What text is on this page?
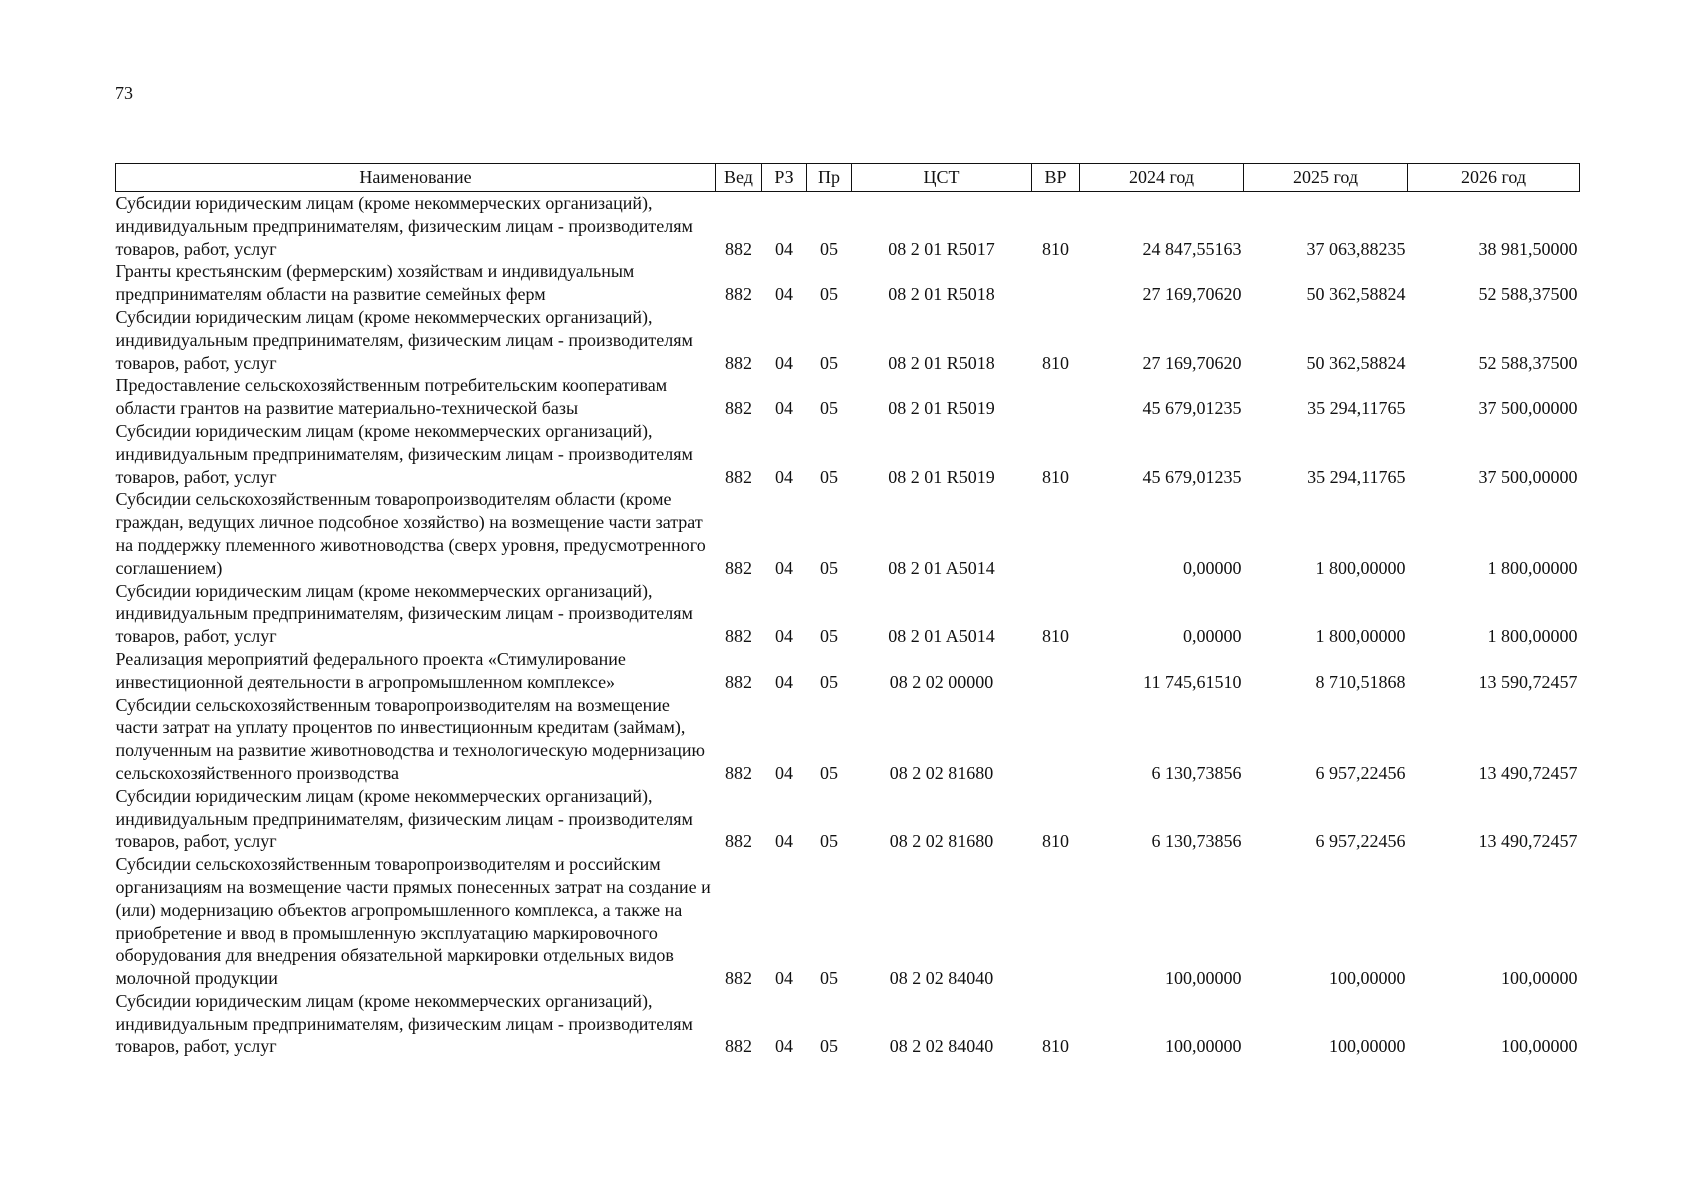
73
Наименование	Вед	РЗ	Пр	ЦСТ	ВР	2024 год	2025 год	2026 год
Субсидии юридическим лицам (кроме некоммерческих организаций), индивидуальным предпринимателям, физическим лицам - производителям товаров, работ, услуг	882	04	05	08 2 01 R5017	810	24 847,55163	37 063,88235	38 981,50000
Гранты крестьянским (фермерским) хозяйствам и индивидуальным предпринимателям области на развитие семейных ферм	882	04	05	08 2 01 R5018		27 169,70620	50 362,58824	52 588,37500
Субсидии юридическим лицам (кроме некоммерческих организаций), индивидуальным предпринимателям, физическим лицам - производителям товаров, работ, услуг	882	04	05	08 2 01 R5018	810	27 169,70620	50 362,58824	52 588,37500
Предоставление сельскохозяйственным потребительским кооперативам области грантов на развитие материально-технической базы	882	04	05	08 2 01 R5019		45 679,01235	35 294,11765	37 500,00000
Субсидии юридическим лицам (кроме некоммерческих организаций), индивидуальным предпринимателям, физическим лицам - производителям товаров, работ, услуг	882	04	05	08 2 01 R5019	810	45 679,01235	35 294,11765	37 500,00000
Субсидии сельскохозяйственным товаропроизводителям области (кроме граждан, ведущих личное подсобное хозяйство) на возмещение части затрат на поддержку племенного животноводства (сверх уровня, предусмотренного соглашением)	882	04	05	08 2 01 A5014		0,00000	1 800,00000	1 800,00000
Субсидии юридическим лицам (кроме некоммерческих организаций), индивидуальным предпринимателям, физическим лицам - производителям товаров, работ, услуг	882	04	05	08 2 01 A5014	810	0,00000	1 800,00000	1 800,00000
Реализация мероприятий федерального проекта «Стимулирование инвестиционной деятельности в агропромышленном комплексе»	882	04	05	08 2 02 00000		11 745,61510	8 710,51868	13 590,72457
Субсидии сельскохозяйственным товаропроизводителям на возмещение части затрат на уплату процентов по инвестиционным кредитам (займам), полученным на развитие животноводства и технологическую модернизацию сельскохозяйственного производства	882	04	05	08 2 02 81680		6 130,73856	6 957,22456	13 490,72457
Субсидии юридическим лицам (кроме некоммерческих организаций), индивидуальным предпринимателям, физическим лицам - производителям товаров, работ, услуг	882	04	05	08 2 02 81680	810	6 130,73856	6 957,22456	13 490,72457
Субсидии сельскохозяйственным товаропроизводителям и российским организациям на возмещение части прямых понесенных затрат на создание и (или) модернизацию объектов агропромышленного комплекса, а также на приобретение и ввод в промышленную эксплуатацию маркировочного оборудования для внедрения обязательной маркировки отдельных видов молочной продукции	882	04	05	08 2 02 84040		100,00000	100,00000	100,00000
Субсидии юридическим лицам (кроме некоммерческих организаций), индивидуальным предпринимателям, физическим лицам - производителям товаров, работ, услуг	882	04	05	08 2 02 84040	810	100,00000	100,00000	100,00000
